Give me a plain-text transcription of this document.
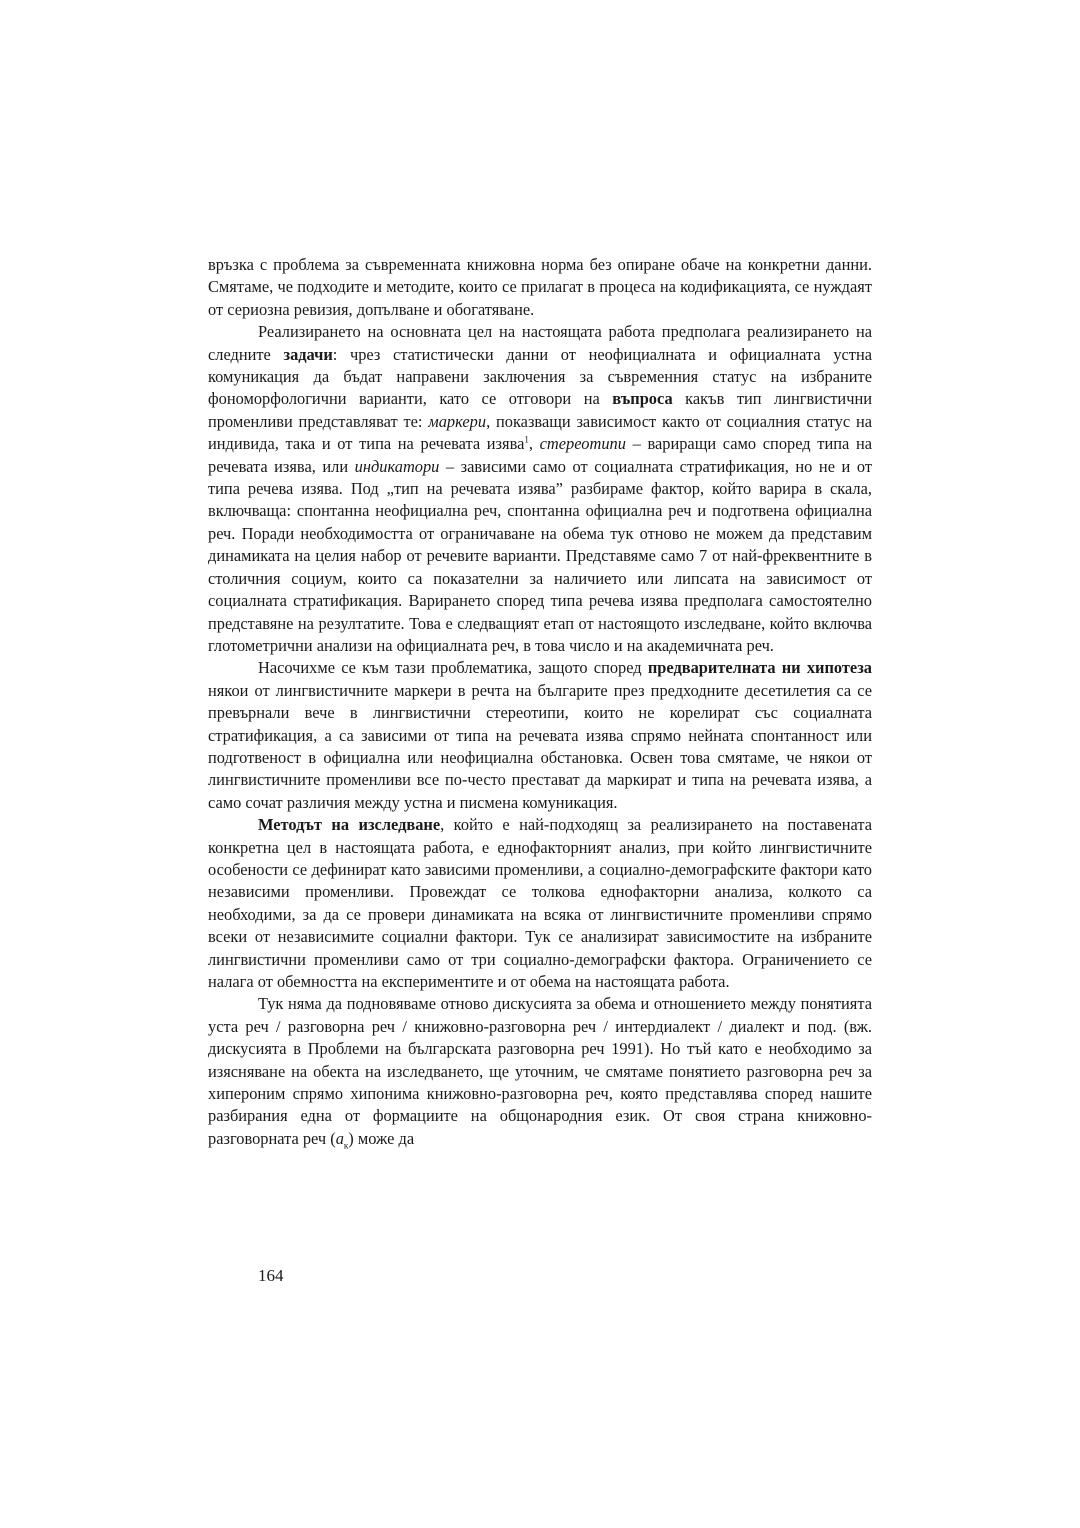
връзка с проблема за съвременната книжовна норма без опиране обаче на конкретни данни. Смятаме, че подходите и методите, които се прилагат в процеса на кодификацията, се нуждаят от сериозна ревизия, допълване и обогатяване.

Реализирането на основната цел на настоящата работа предполага реализирането на следните задачи: чрез статистически данни от неофициалната и официалната устна комуникация да бъдат направени заключения за съвременния статус на избраните фономорфологични варианти, като се отговори на въпроса какъв тип лингвистични променливи представляват те: маркери, показващи зависимост както от социалния статус на индивида, така и от типа на речевата изява$^1$, стереотипи – вариращи само според типа на речевата изява, или индикатори – зависими само от социалната стратификация, но не и от типа речева изява. Под „тип на речевата изява” разбираме фактор, който варира в скала, включваща: спонтанна неофициална реч, спонтанна официална реч и подготвена официална реч. Поради необходимостта от ограничаване на обема тук отново не можем да представим динамиката на целия набор от речевите варианти. Представяме само 7 от най-фреквентните в столичния социум, които са показателни за наличието или липсата на зависимост от социалната стратификация. Варирането според типа речева изява предполага самостоятелно представяне на резултатите. Това е следващият етап от настоящото изследване, който включва глотометрични анализи на официалната реч, в това число и на академичната реч.

Насочихме се към тази проблематика, защото според предварителната ни хипотеза някои от лингвистичните маркери в речта на българите през предходните десетилетия са се превърнали вече в лингвистични стереотипи, които не корелират със социалната стратификация, а са зависими от типа на речевата изява спрямо нейната спонтанност или подготвеност в официална или неофициална обстановка. Освен това смятаме, че някои от лингвистичните променливи все по-често престават да маркират и типа на речевата изява, а само сочат различия между устна и писмена комуникация.

Методът на изследване, който е най-подходящ за реализирането на поставената конкретна цел в настоящата работа, е еднофакторният анализ, при който лингвистичните особености се дефинират като зависими променливи, а социално-демографските фактори като независими променливи. Провеждат се толкова еднофакторни анализа, колкото са необходими, за да се провери динамиката на всяка от лингвистичните променливи спрямо всеки от независимите социални фактори. Тук се анализират зависимостите на избраните лингвистични променливи само от три социално-демографски фактора. Ограничението се налага от обемността на експериментите и от обема на настоящата работа.

Тук няма да подновяваме отново дискусията за обема и отношението между понятията уста реч / разговорна реч / книжовно-разговорна реч / интердиалект / диалект и под. (вж. дискусията в Проблеми на българската разговорна реч 1991). Но тъй като е необходимо за изясняване на обекта на изследването, ще уточним, че смятаме понятието разговорна реч за хипероним спрямо хипонима книжовно-разговорна реч, която представлява според нашите разбирания една от формациите на общонародния език. От своя страна книжовно-разговорната реч $(a_к)$ може да

164
